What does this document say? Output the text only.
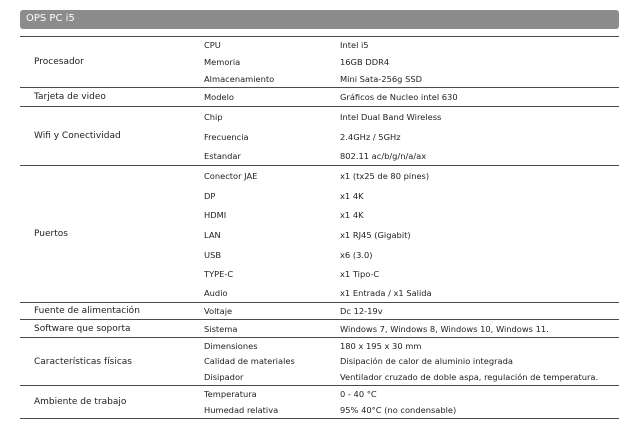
OPS PC i5
Procesador
CPU	Intel i5
Memoria	16GB DDR4
Almacenamiento	Mini Sata-256g SSD
Tarjeta de video	Modelo	Gráficos de Nucleo intel 630
Wifi y Conectividad
Chip	Intel Dual Band Wireless
Frecuencia	2.4GHz / 5GHz
Estandar	802.11 ac/b/g/n/a/ax
Puertos
Conector JAE	x1 (tx25 de 80 pines)
DP	x1 4K
HDMI	x1 4K
LAN	x1 RJ45 (Gigabit)
USB	x6 (3.0)
TYPE-C	x1 Tipo-C
Audio	x1 Entrada / x1 Salida
Fuente de alimentación	Voltaje	Dc 12-19v
Software que soporta	Sistema	Windows 7, Windows 8, Windows 10, Windows 11.
Características físicas
Dimensiones	180 x 195 x 30 mm
Calidad de materiales	Disipación de calor de aluminio integrada
Disipador	Ventilador cruzado de doble aspa, regulación de temperatura.
Ambiente de trabajo
Temperatura	0 - 40 °C
Humedad relativa	95% 40°C (no condensable)
